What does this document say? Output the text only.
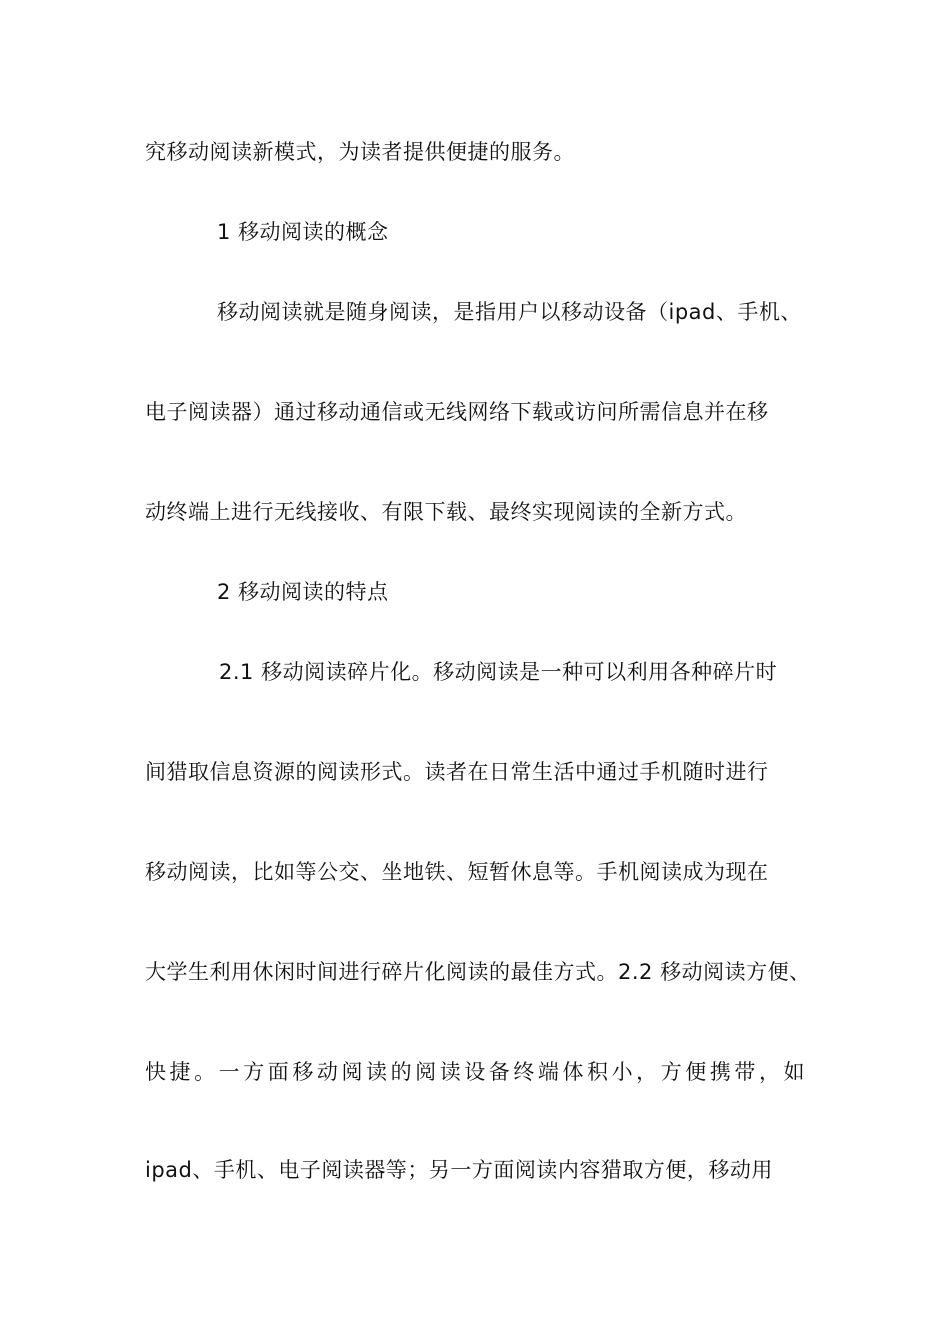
究移动阅读新模式，为读者提供便捷的服务。
1 移动阅读的概念
移动阅读就是随身阅读，是指用户以移动设备（ipad、手机、
电子阅读器）通过移动通信或无线网络下载或访问所需信息并在移
动终端上进行无线接收、有限下载、最终实现阅读的全新方式。
2 移动阅读的特点
2.1 移动阅读碎片化。移动阅读是一种可以利用各种碎片时
间猎取信息资源的阅读形式。读者在日常生活中通过手机随时进行
移动阅读，比如等公交、坐地铁、短暂休息等。手机阅读成为现在
大学生利用休闲时间进行碎片化阅读的最佳方式。2.2 移动阅读方便、
快捷。一方面移动阅读的阅读设备终端体积小，方便携带，如
ipad、手机、电子阅读器等；另一方面阅读内容猎取方便，移动用
